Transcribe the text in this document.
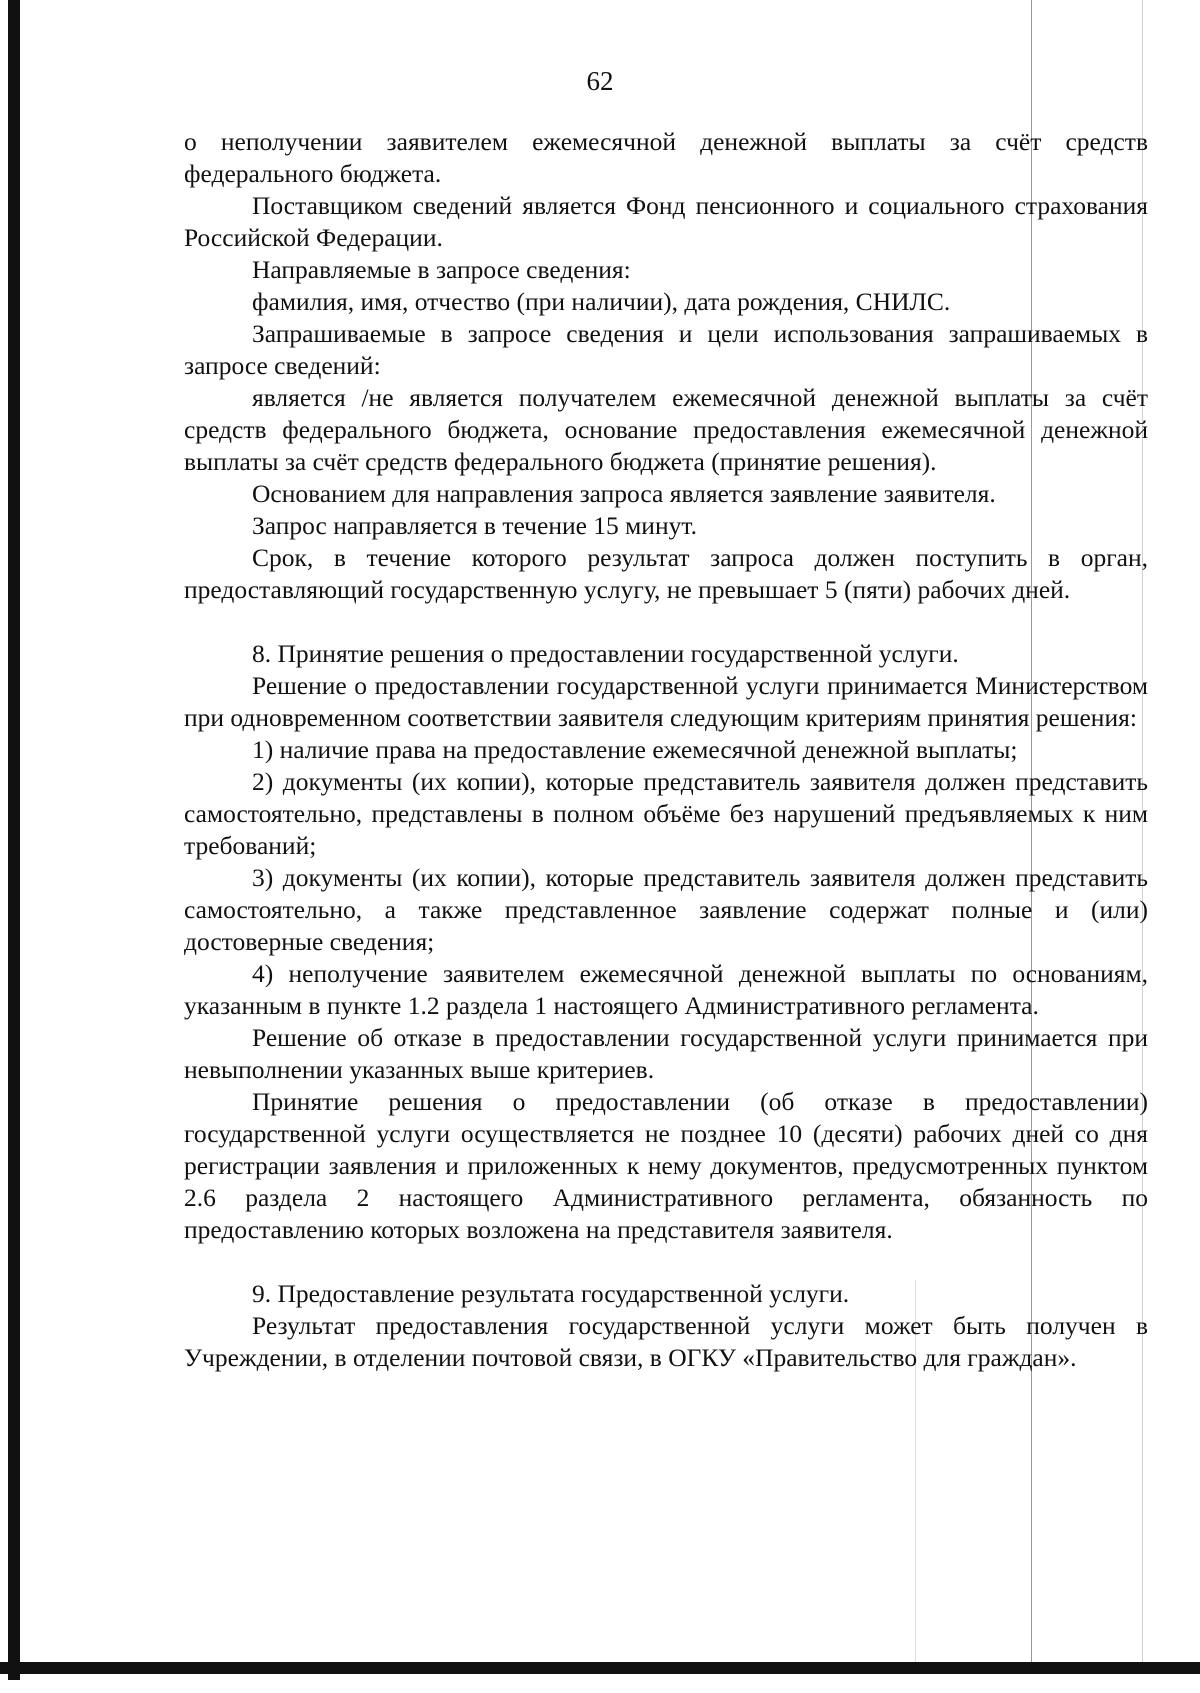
62

о неполучении заявителем ежемесячной денежной выплаты за счёт средств федерального бюджета.

Поставщиком сведений является Фонд пенсионного и социального страхования Российской Федерации.

Направляемые в запросе сведения:

фамилия, имя, отчество (при наличии), дата рождения, СНИЛС.

Запрашиваемые в запросе сведения и цели использования запрашиваемых в запросе сведений:

является /не является получателем ежемесячной денежной выплаты за счёт средств федерального бюджета, основание предоставления ежемесячной денежной выплаты за счёт средств федерального бюджета (принятие решения).

Основанием для направления запроса является заявление заявителя.

Запрос направляется в течение 15 минут.

Срок, в течение которого результат запроса должен поступить в орган, предоставляющий государственную услугу, не превышает 5 (пяти) рабочих дней.

8. Принятие решения о предоставлении государственной услуги.

Решение о предоставлении государственной услуги принимается Министерством при одновременном соответствии заявителя следующим критериям принятия решения:

1) наличие права на предоставление ежемесячной денежной выплаты;

2) документы (их копии), которые представитель заявителя должен представить самостоятельно, представлены в полном объёме без нарушений предъявляемых к ним требований;

3) документы (их копии), которые представитель заявителя должен представить самостоятельно, а также представленное заявление содержат полные и (или) достоверные сведения;

4) неполучение заявителем ежемесячной денежной выплаты по основаниям, указанным в пункте 1.2 раздела 1 настоящего Административного регламента.

Решение об отказе в предоставлении государственной услуги принимается при невыполнении указанных выше критериев.

Принятие решения о предоставлении (об отказе в предоставлении) государственной услуги осуществляется не позднее 10 (десяти) рабочих дней со дня регистрации заявления и приложенных к нему документов, предусмотренных пунктом 2.6 раздела 2 настоящего Административного регламента, обязанность по предоставлению которых возложена на представителя заявителя.

9. Предоставление результата государственной услуги.

Результат предоставления государственной услуги может быть получен в Учреждении, в отделении почтовой связи, в ОГКУ «Правительство для граждан».
